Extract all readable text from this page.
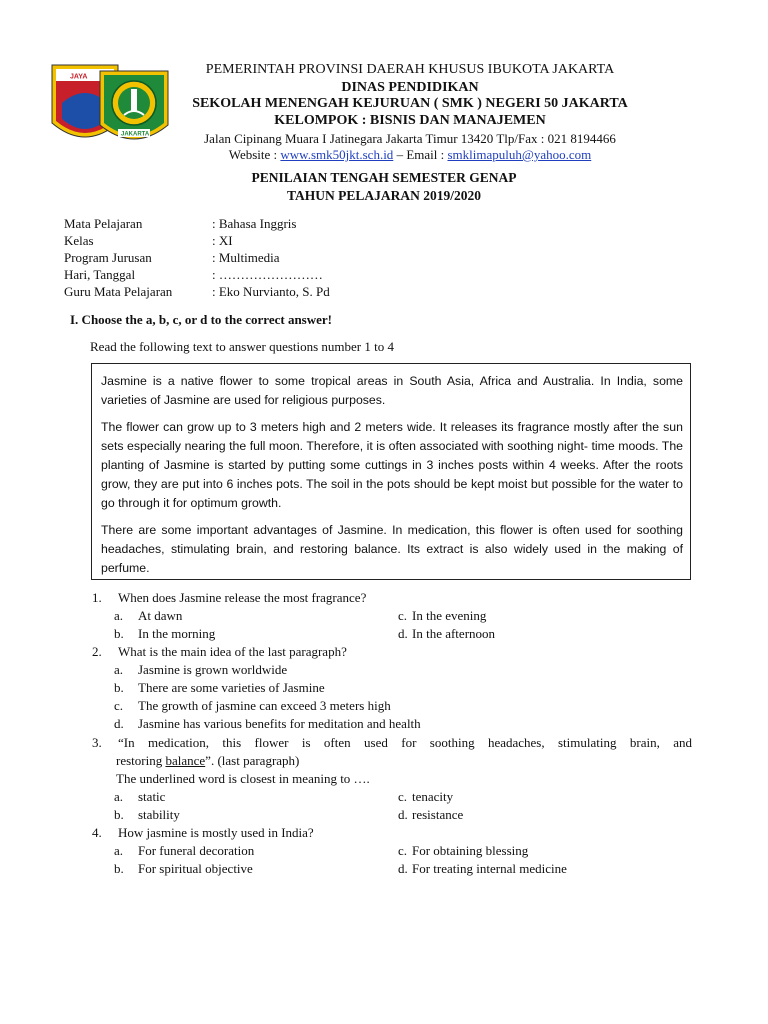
JAYA
JAKARTA
PEMERINTAH PROVINSI DAERAH KHUSUS IBUKOTA JAKARTA
DINAS PENDIDIKAN
SEKOLAH MENENGAH KEJURUAN ( SMK ) NEGERI 50 JAKARTA
KELOMPOK : BISNIS DAN MANAJEMEN
Jalan Cipinang Muara I Jatinegara Jakarta Timur 13420 Tlp/Fax : 021 8194466
Website : www.smk50jkt.sch.id – Email : smklimapuluh@yahoo.com
PENILAIAN TENGAH SEMESTER GENAP
TAHUN PELAJARAN 2019/2020
Mata Pelajaran	: Bahasa Inggris
Kelas	: XI
Program Jurusan	: Multimedia
Hari, Tanggal	: ……………………
Guru Mata Pelajaran	: Eko Nurvianto, S. Pd
I. Choose the a, b, c, or d to the correct answer!
Read the following text to answer questions number 1 to 4

Jasmine is a native flower to some tropical areas in South Asia, Africa and Australia. In India, some varieties of Jasmine are used for religious purposes.

The flower can grow up to 3 meters high and 2 meters wide. It releases its fragrance mostly after the sun sets especially nearing the full moon. Therefore, it is often associated with soothing night- time moods. The planting of Jasmine is started by putting some cuttings in 3 inches posts within 4 weeks. After the roots grow, they are put into 6 inches pots. The soil in the pots should be kept moist but possible for the water to go through it for optimum growth.

There are some important advantages of Jasmine. In medication, this flower is often used for soothing headaches, stimulating brain, and restoring balance. Its extract is also widely used in the making of perfume.

1. When does Jasmine release the most fragrance?
a. At dawn
b. In the morning
c. In the evening
d. In the afternoon
2. What is the main idea of the last paragraph?
a. Jasmine is grown worldwide
b. There are some varieties of Jasmine
c. The growth of jasmine can exceed 3 meters high
d. Jasmine has various benefits for meditation and health
3. “In medication, this flower is often used for soothing headaches, stimulating brain, and
restoring balance”. (last paragraph)
The underlined word is closest in meaning to ….
a. static
b. stability
c. tenacity
d. resistance
4. How jasmine is mostly used in India?
a. For funeral decoration
b. For spiritual objective
c. For obtaining blessing
d. For treating internal medicine
